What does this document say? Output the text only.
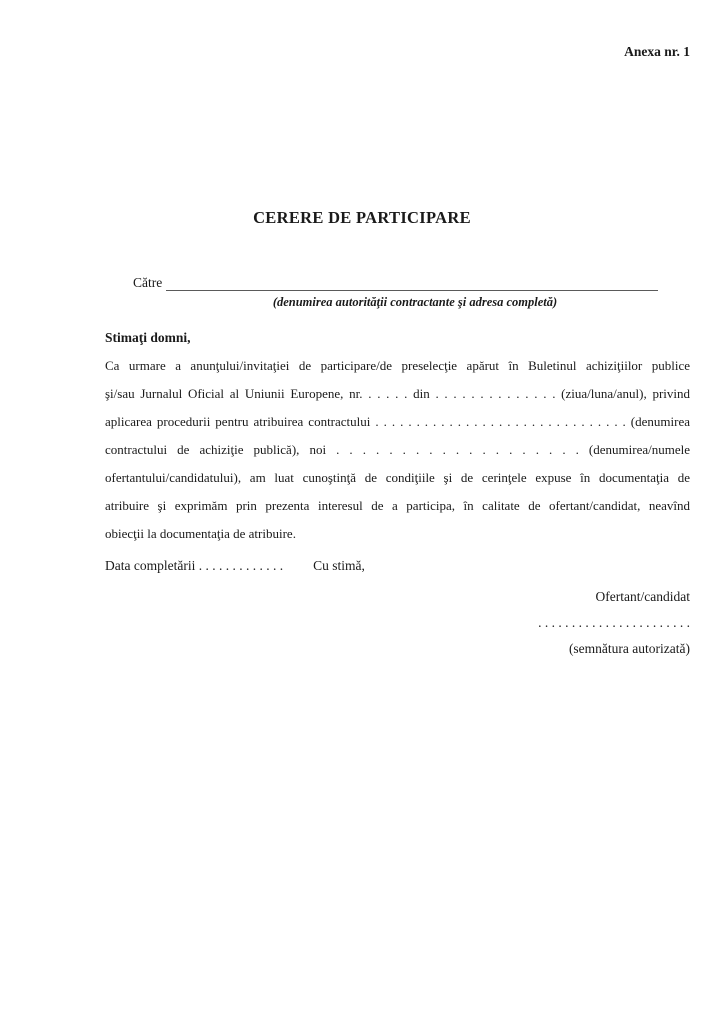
Anexa nr. 1
CERERE DE PARTICIPARE
Către
(denumirea autorităţii contractante şi adresa completă)
Stimaţi domni,
Ca urmare a anunţului/invitaţiei de participare/de preselecţie apărut în Buletinul achiziţiilor publice
şi/sau Jurnalul Oficial al Uniunii Europene, nr. . . . . . din . . . . . . . . . . . . . . (ziua/luna/anul), privind
aplicarea procedurii pentru atribuirea contractului . . . . . . . . . . . . . . . . . . . . . . . . . . . . . . . (denumirea
contractului de achiziţie publică), noi . . . . . . . . . . . . . . . . . . . (denumirea/numele
ofertantului/candidatului), am luat cunoştinţă de condiţiile şi de cerinţele expuse în documentaţia de
atribuire şi exprimăm prin prezenta interesul de a participa, în calitate de ofertant/candidat, neavînd
obiecţii la documentaţia de atribuire.
Data completării . . . . . . . . . . . . . Cu stimă,
Ofertant/candidat
. . . . . . . . . . . . . . . . . . . . . . .
(semnătura autorizată)
